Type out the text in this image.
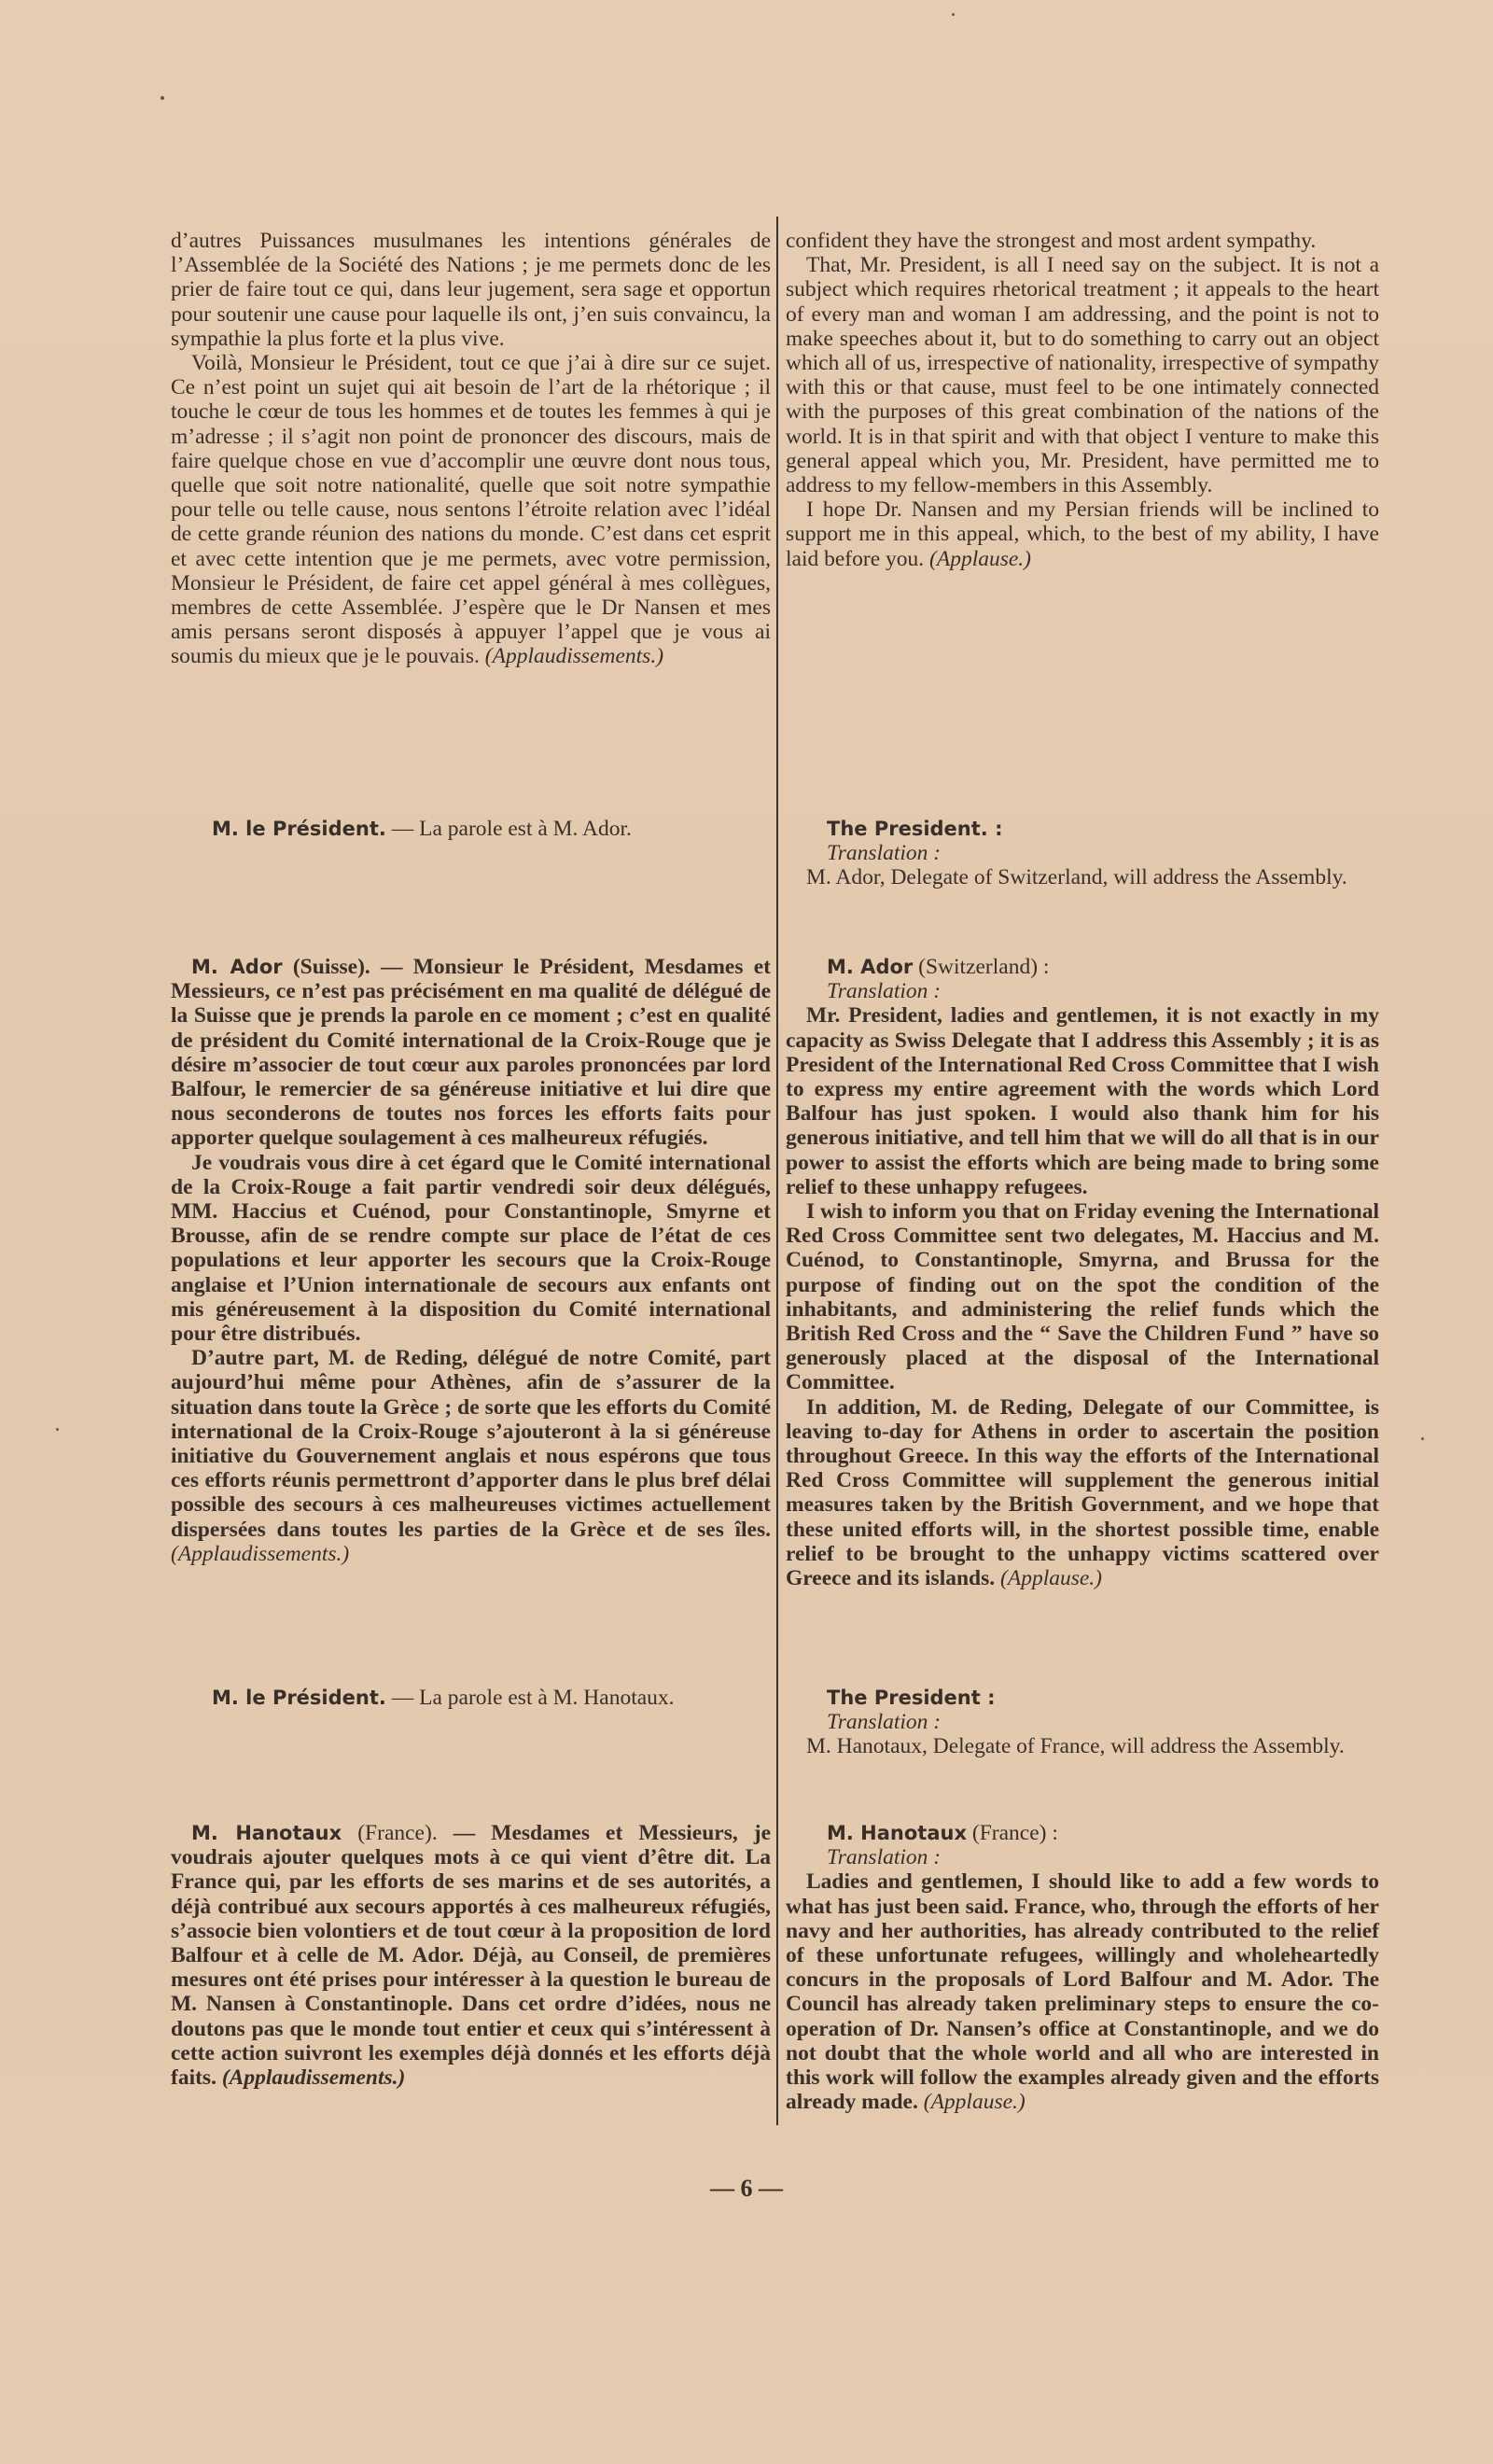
d’autres Puissances musulmanes les intentions générales de l’Assemblée de la Société des Nations ; je me permets donc de les prier de faire tout ce qui, dans leur jugement, sera sage et opportun pour soutenir une cause pour laquelle ils ont, j’en suis convaincu, la sympathie la plus forte et la plus vive.

Voilà, Monsieur le Président, tout ce que j’ai à dire sur ce sujet. Ce n’est point un sujet qui ait besoin de l’art de la rhétorique ; il touche le cœur de tous les hommes et de toutes les femmes à qui je m’adresse ; il s’agit non point de prononcer des discours, mais de faire quelque chose en vue d’accomplir une œuvre dont nous tous, quelle que soit notre nationalité, quelle que soit notre sympathie pour telle ou telle cause, nous sentons l’étroite relation avec l’idéal de cette grande réunion des nations du monde. C’est dans cet esprit et avec cette intention que je me permets, avec votre permission, Monsieur le Président, de faire cet appel général à mes collègues, membres de cette Assemblée. J’espère que le Dr Nansen et mes amis persans seront disposés à appuyer l’appel que je vous ai soumis du mieux que je le pouvais. (Applaudissements.)

M. le Président. — La parole est à M. Ador.

M. Ador (Suisse). — Monsieur le Président, Mesdames et Messieurs, ce n’est pas précisément en ma qualité de délégué de la Suisse que je prends la parole en ce moment ; c’est en qualité de président du Comité international de la Croix-Rouge que je désire m’associer de tout cœur aux paroles prononcées par lord Balfour, le remercier de sa généreuse initiative et lui dire que nous seconderons de toutes nos forces les efforts faits pour apporter quelque soulagement à ces malheureux réfugiés.

Je voudrais vous dire à cet égard que le Comité international de la Croix-Rouge a fait partir vendredi soir deux délégués, MM. Haccius et Cuénod, pour Constantinople, Smyrne et Brousse, afin de se rendre compte sur place de l’état de ces populations et leur apporter les secours que la Croix-Rouge anglaise et l’Union internationale de secours aux enfants ont mis généreusement à la disposition du Comité international pour être distribués.

D’autre part, M. de Reding, délégué de notre Comité, part aujourd’hui même pour Athènes, afin de s’assurer de la situation dans toute la Grèce ; de sorte que les efforts du Comité international de la Croix-Rouge s’ajouteront à la si généreuse initiative du Gouvernement anglais et nous espérons que tous ces efforts réunis permettront d’apporter dans le plus bref délai possible des secours à ces malheureuses victimes actuellement dispersées dans toutes les parties de la Grèce et de ses îles. (Applaudissements.)

M. le Président. — La parole est à M. Hanotaux.

M. Hanotaux (France). — Mesdames et Messieurs, je voudrais ajouter quelques mots à ce qui vient d’être dit. La France qui, par les efforts de ses marins et de ses autorités, a déjà contribué aux secours apportés à ces malheureux réfugiés, s’associe bien volontiers et de tout cœur à la proposition de lord Balfour et à celle de M. Ador. Déjà, au Conseil, de premières mesures ont été prises pour intéresser à la question le bureau de M. Nansen à Constantinople. Dans cet ordre d’idées, nous ne doutons pas que le monde tout entier et ceux qui s’intéressent à cette action suivront les exemples déjà donnés et les efforts déjà faits. (Applaudissements.)

confident they have the strongest and most ardent sympathy.

That, Mr. President, is all I need say on the subject. It is not a subject which requires rhetorical treatment ; it appeals to the heart of every man and woman I am addressing, and the point is not to make speeches about it, but to do something to carry out an object which all of us, irrespective of nationality, irrespective of sympathy with this or that cause, must feel to be one intimately connected with the purposes of this great combination of the nations of the world. It is in that spirit and with that object I venture to make this general appeal which you, Mr. President, have permitted me to address to my fellow-members in this Assembly.

I hope Dr. Nansen and my Persian friends will be inclined to support me in this appeal, which, to the best of my ability, I have laid before you. (Applause.)

The President. :

Translation :

M. Ador, Delegate of Switzerland, will address the Assembly.

M. Ador (Switzerland) :

Translation :

Mr. President, ladies and gentlemen, it is not exactly in my capacity as Swiss Delegate that I address this Assembly ; it is as President of the International Red Cross Committee that I wish to express my entire agreement with the words which Lord Balfour has just spoken. I would also thank him for his generous initiative, and tell him that we will do all that is in our power to assist the efforts which are being made to bring some relief to these unhappy refugees.

I wish to inform you that on Friday evening the International Red Cross Committee sent two delegates, M. Haccius and M. Cuénod, to Constantinople, Smyrna, and Brussa for the purpose of finding out on the spot the condition of the inhabitants, and administering the relief funds which the British Red Cross and the “ Save the Children Fund ” have so generously placed at the disposal of the International Committee.

In addition, M. de Reding, Delegate of our Committee, is leaving to-day for Athens in order to ascertain the position throughout Greece. In this way the efforts of the International Red Cross Committee will supplement the generous initial measures taken by the British Government, and we hope that these united efforts will, in the shortest possible time, enable relief to be brought to the unhappy victims scattered over Greece and its islands. (Applause.)

The President :

Translation :

M. Hanotaux, Delegate of France, will address the Assembly.

M. Hanotaux (France) :

Translation :

Ladies and gentlemen, I should like to add a few words to what has just been said. France, who, through the efforts of her navy and her authorities, has already contributed to the relief of these unfortunate refugees, willingly and wholeheartedly concurs in the proposals of Lord Balfour and M. Ador. The Council has already taken preliminary steps to ensure the co-operation of Dr. Nansen’s office at Constantinople, and we do not doubt that the whole world and all who are interested in this work will follow the examples already given and the efforts already made. (Applause.)

— 6 —
